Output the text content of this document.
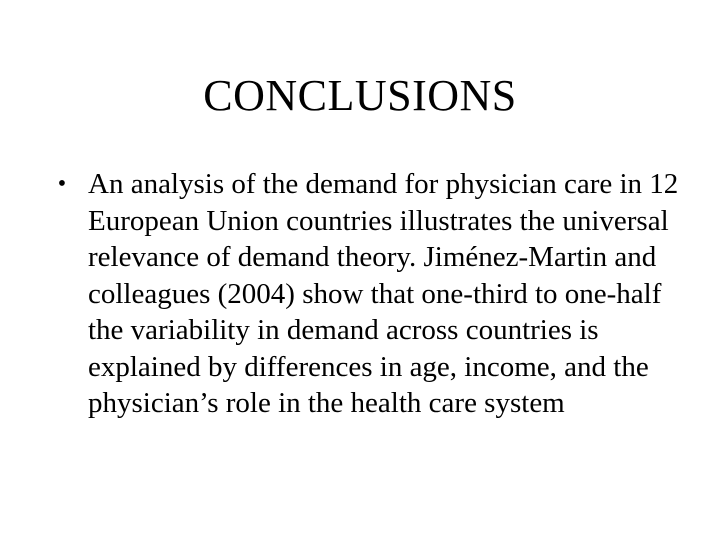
CONCLUSIONS
• An analysis of the demand for physician care in 12 European Union countries illustrates the universal relevance of demand theory. Jiménez-Martin and colleagues (2004) show that one-third to one-half the variability in demand across countries is explained by differences in age, income, and the physician’s role in the health care system
